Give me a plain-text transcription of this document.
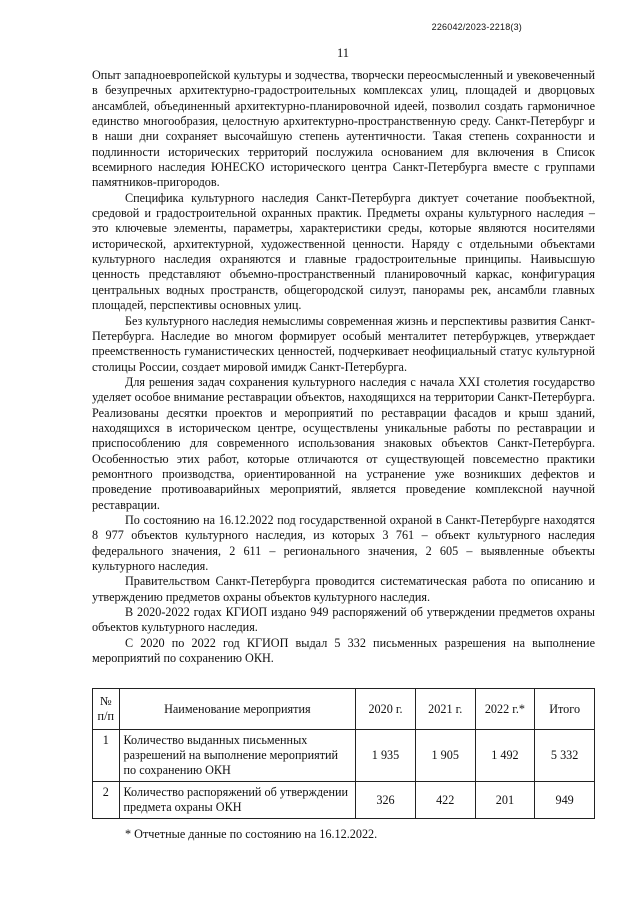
226042/2023-2218(3)
11

Опыт западноевропейской культуры и зодчества, творчески переосмысленный и увековеченный в безупречных архитектурно-градостроительных комплексах улиц, площадей и дворцовых ансамблей, объединенный архитектурно-планировочной идеей, позволил создать гармоничное единство многообразия, целостную архитектурно-пространственную среду. Санкт-Петербург и в наши дни сохраняет высочайшую степень аутентичности. Такая степень сохранности и подлинности исторических территорий послужила основанием для включения в Список всемирного наследия ЮНЕСКО исторического центра Санкт-Петербурга вместе с группами памятников-пригородов.

Специфика культурного наследия Санкт-Петербурга диктует сочетание пообъектной, средовой и градостроительной охранных практик. Предметы охраны культурного наследия – это ключевые элементы, параметры, характеристики среды, которые являются носителями исторической, архитектурной, художественной ценности. Наряду с отдельными объектами культурного наследия охраняются и главные градостроительные принципы. Наивысшую ценность представляют объемно-пространственный планировочный каркас, конфигурация центральных водных пространств, общегородской силуэт, панорамы рек, ансамбли главных площадей, перспективы основных улиц.

Без культурного наследия немыслимы современная жизнь и перспективы развития Санкт-Петербурга. Наследие во многом формирует особый менталитет петербуржцев, утверждает преемственность гуманистических ценностей, подчеркивает неофициальный статус культурной столицы России, создает мировой имидж Санкт-Петербурга.

Для решения задач сохранения культурного наследия с начала XXI столетия государство уделяет особое внимание реставрации объектов, находящихся на территории Санкт-Петербурга. Реализованы десятки проектов и мероприятий по реставрации фасадов и крыш зданий, находящихся в историческом центре, осуществлены уникальные работы по реставрации и приспособлению для современного использования знаковых объектов Санкт-Петербурга. Особенностью этих работ, которые отличаются от существующей повсеместно практики ремонтного производства, ориентированной на устранение уже возникших дефектов и проведение противоаварийных мероприятий, является проведение комплексной научной реставрации.

По состоянию на 16.12.2022 под государственной охраной в Санкт-Петербурге находятся 8 977 объектов культурного наследия, из которых 3 761 – объект культурного наследия федерального значения, 2 611 – регионального значения, 2 605 – выявленные объекты культурного наследия.

Правительством Санкт-Петербурга проводится систематическая работа по описанию и утверждению предметов охраны объектов культурного наследия.

В 2020-2022 годах КГИОП издано 949 распоряжений об утверждении предметов охраны объектов культурного наследия.

С 2020 по 2022 год КГИОП выдал 5 332 письменных разрешения на выполнение мероприятий по сохранению ОКН.

№ п/п	Наименование мероприятия	2020 г.	2021 г.	2022 г.*	Итого
1	Количество выданных письменных разрешений на выполнение мероприятий по сохранению ОКН	1 935	1 905	1 492	5 332
2	Количество распоряжений об утверждении предмета охраны ОКН	326	422	201	949
* Отчетные данные по состоянию на 16.12.2022.
